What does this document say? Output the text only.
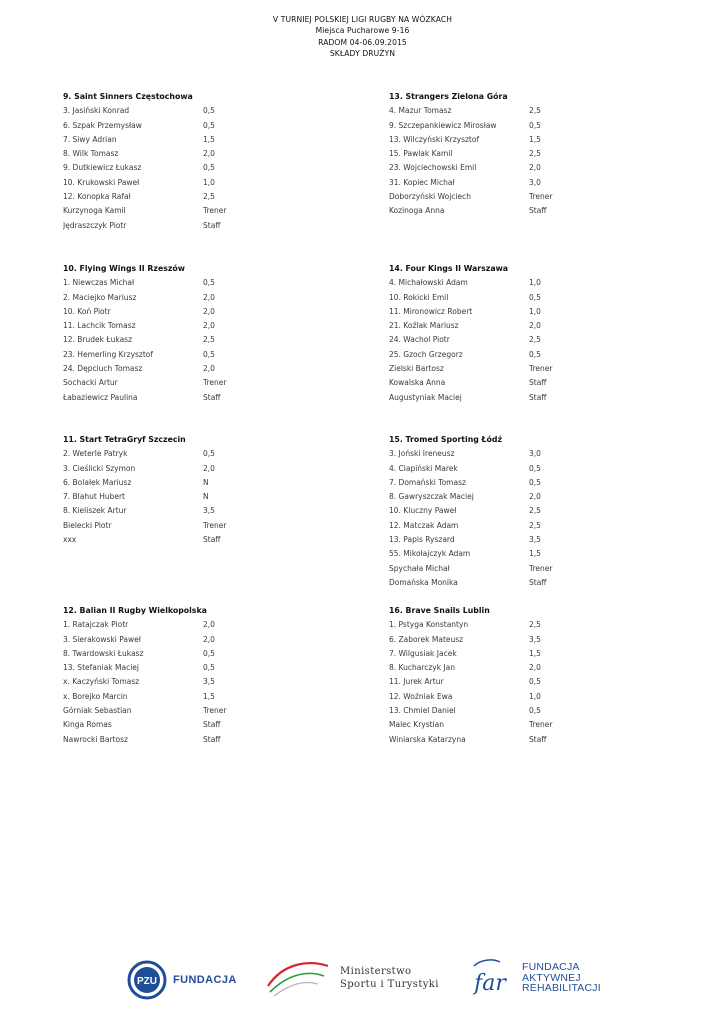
V TURNIEJ POLSKIEJ LIGI RUGBY NA WÓZKACH
Miejsca Pucharowe 9-16
RADOM 04-06.09.2015
SKŁADY DRUŻYN
9. Saint Sinners Częstochowa
3. Jasiński Konrad	0,5
6. Szpak Przemysław	0,5
7. Siwy Adrian	1,5
8. Wilk Tomasz	2,0
9. Dutkiewicz Łukasz	0,5
10. Krukowski Paweł	1,0
12. Konopka Rafał	2,5
Kurzynoga Kamil	Trener
Jędraszczyk Piotr	Staff
13. Strangers Zielona Góra
4. Mazur Tomasz	2,5
9. Szczepankiewicz Mirosław	0,5
13. Wilczyński Krzysztof	1,5
15. Pawlak Kamil	2,5
23. Wojciechowski Emil	2,0
31. Kopiec Michał	3,0
Doborzyński Wojciech	Trener
Kozinoga Anna	Staff
10. Flying Wings II Rzeszów
1. Niewczas Michał	0,5
2. Maciejko Mariusz	2,0
10. Koń Piotr	2,0
11. Lachcik Tomasz	2,0
12. Brudek Łukasz	2,5
23. Hemerling Krzysztof	0,5
24. Dępciuch Tomasz	2,0
Sochacki Artur	Trener
Łabaziewicz Paulina	Staff
14. Four Kings II Warszawa
4. Michałowski Adam	1,0
10. Rokicki Emil	0,5
11. Mironowicz Robert	1,0
21. Koźlak Mariusz	2,0
24. Wachol Piotr	2,5
25. Gzoch Grzegorz	0,5
Zielski Bartosz	Trener
Kowalska Anna	Staff
Augustyniak Maciej	Staff
11. Start TetraGryf Szczecin
2. Weterle Patryk	0,5
3. Cieślicki Szymon	2,0
6. Bolałek Mariusz	N
7. Blahut Hubert	N
8. Kieliszek Artur	3,5
Bielecki Piotr	Trener
xxx	Staff
15. Tromed Sporting Łódź
3. Joński Ireneusz	3,0
4. Ciapiński Marek	0,5
7. Domański Tomasz	0,5
8. Gawryszczak Maciej	2,0
10. Kluczny Paweł	2,5
12. Matczak Adam	2,5
13. Papis Ryszard	3,5
55. Mikołajczyk Adam	1,5
Spychała Michał	Trener
Domańska Monika	Staff
12. Balian II Rugby Wielkopolska
1. Ratajczak Piotr	2,0
3. Sierakowski Paweł	2,0
8. Twardowski Łukasz	0,5
13. Stefaniak Maciej	0,5
x. Kaczyński Tomasz	3,5
x. Borejko Marcin	1,5
Górniak Sebastian	Trener
Kinga Romas	Staff
Nawrocki Bartosz	Staff
16. Brave Snails Lublin
1. Pstyga Konstantyn	2,5
6. Zaborek Mateusz	3,5
7. Wilgusiak Jacek	1,5
8. Kucharczyk Jan	2,0
11. Jurek Artur	0,5
12. Woźniak Ewa	1,0
13. Chmiel Daniel	0,5
Malec Krystian	Trener
Winiarska Katarzyna	Staff
PZU FUNDACJA
Ministerstwo
Sportu i Turystyki far
FUNDACJA
AKTYWNEJ
REHABILITACJI
